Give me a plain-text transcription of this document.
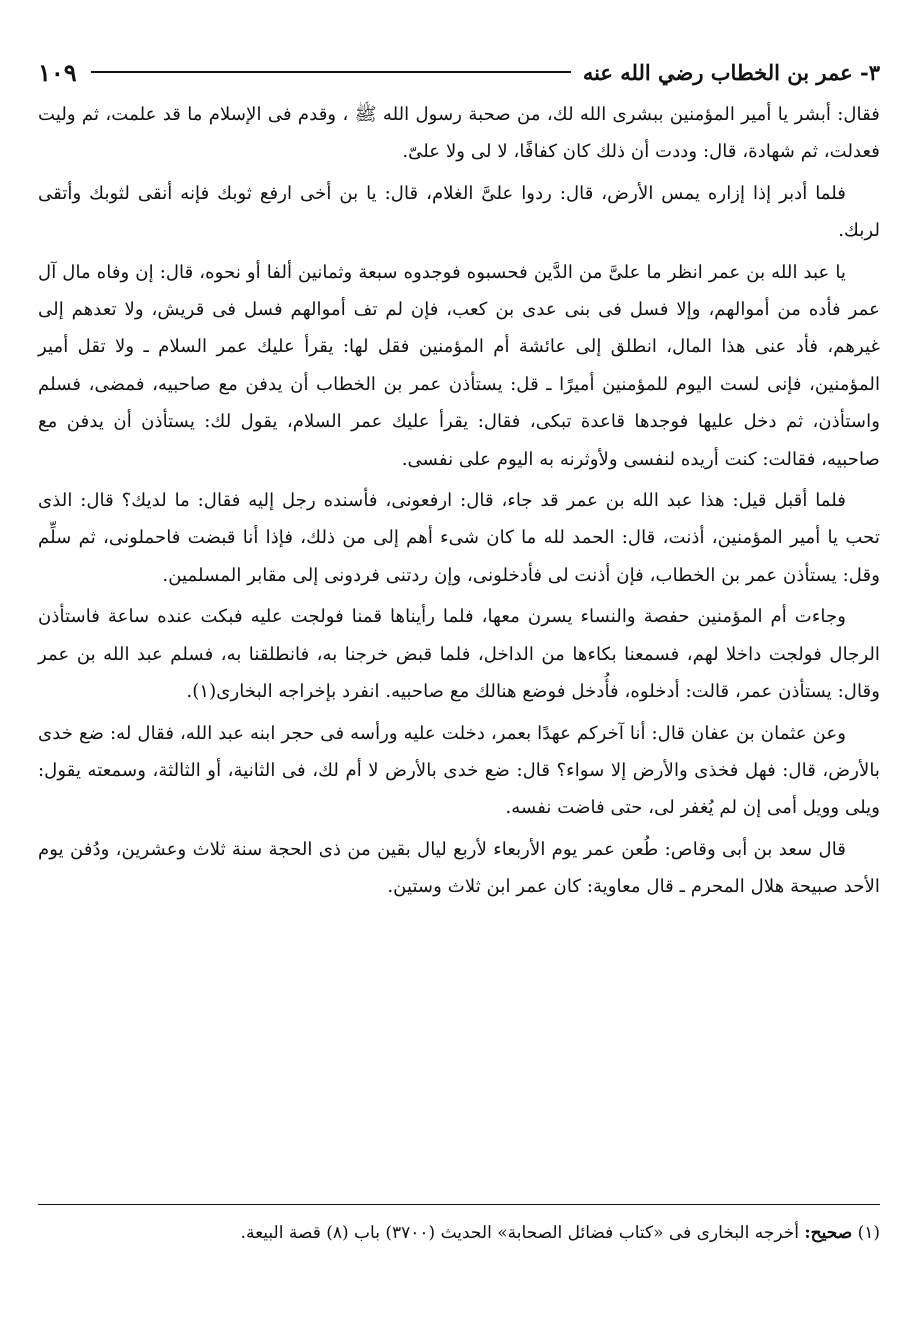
٣- عمر بن الخطاب رضي الله عنه
١٠٩

فقال: أبشر يا أمير المؤمنين ببشرى الله لك، من صحبة رسول الله ﷺ ، وقدم فى الإسلام ما قد علمت، ثم وليت فعدلت، ثم شهادة، قال: وددت أن ذلك كان كفافًا، لا لى ولا علىّ.

فلما أدبر إذا إزاره يمس الأرض، قال: ردوا علىَّ الغلام، قال: يا بن أخى ارفع ثوبك فإنه أنقى لثوبك وأتقى لربك.

يا عبد الله بن عمر انظر ما علىَّ من الدَّين فحسبوه فوجدوه سبعة وثمانين ألفا أو نحوه، قال: إن وفاه مال آل عمر فأده من أموالهم، وإلا فسل فى بنى عدى بن كعب، فإن لم تف أموالهم فسل فى قريش، ولا تعدهم إلى غيرهم، فأد عنى هذا المال، انطلق إلى عائشة أم المؤمنين فقل لها: يقرأ عليك عمر السلام ـ ولا تقل أمير المؤمنين، فإنى لست اليوم للمؤمنين أميرًا ـ قل: يستأذن عمر بن الخطاب أن يدفن مع صاحبيه، فمضى، فسلم واستأذن، ثم دخل عليها فوجدها قاعدة تبكى، فقال: يقرأ عليك عمر السلام، يقول لك: يستأذن أن يدفن مع صاحبيه، فقالت: كنت أريده لنفسى ولأوثرنه به اليوم على نفسى.

فلما أقبل قيل: هذا عبد الله بن عمر قد جاء، قال: ارفعونى، فأسنده رجل إليه فقال: ما لديك؟ قال: الذى تحب يا أمير المؤمنين، أذنت، قال: الحمد لله ما كان شىء أهم إلى من ذلك، فإذا أنا قبضت فاحملونى، ثم سلِّم وقل: يستأذن عمر بن الخطاب، فإن أذنت لى فأدخلونى، وإن ردتنى فردونى إلى مقابر المسلمين.

وجاءت أم المؤمنين حفصة والنساء يسرن معها، فلما رأيناها قمنا فولجت عليه فبكت عنده ساعة فاستأذن الرجال فولجت داخلا لهم، فسمعنا بكاءها من الداخل، فلما قبض خرجنا به، فانطلقنا به، فسلم عبد الله بن عمر وقال: يستأذن عمر، قالت: أدخلوه، فأُدخل فوضع هنالك مع صاحبيه. انفرد بإخراجه البخارى(١).

وعن عثمان بن عفان قال: أنا آخركم عهدًا بعمر، دخلت عليه ورأسه فى حجر ابنه عبد الله، فقال له: ضع خدى بالأرض، قال: فهل فخذى والأرض إلا سواء؟ قال: ضع خدى بالأرض لا أم لك، فى الثانية، أو الثالثة، وسمعته يقول: ويلى وويل أمى إن لم يُغفر لى، حتى فاضت نفسه.

قال سعد بن أبى وقاص: طُعن عمر يوم الأربعاء لأربع ليال بقين من ذى الحجة سنة ثلاث وعشرين، ودُفن يوم الأحد صبيحة هلال المحرم ـ قال معاوية: كان عمر ابن ثلاث وستين.

(١) صحيح: أخرجه البخارى فى «كتاب فضائل الصحابة» الحديث (٣٧٠٠) باب (٨) قصة البيعة.
